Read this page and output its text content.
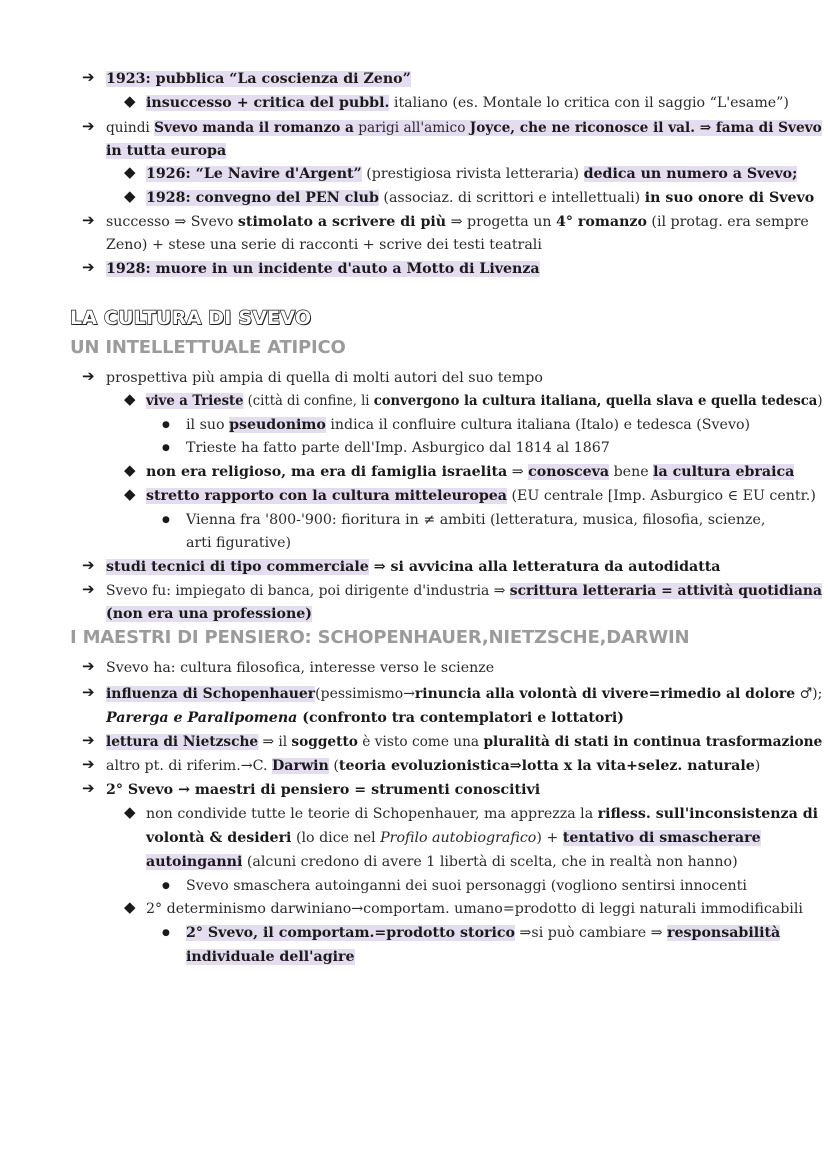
➔ 1923: pubblica “La coscienza di Zeno”
◆ insuccesso + critica del pubbl. italiano (es. Montale lo critica con il saggio “L'esame”)
➔ quindi Svevo manda il romanzo a parigi all'amico Joyce, che ne riconosce il val. ⇒ fama di Svevo
in tutta europa
◆ 1926: “Le Navire d'Argent” (prestigiosa rivista letteraria) dedica un numero a Svevo;
◆ 1928: convegno del PEN club (associaz. di scrittori e intellettuali) in suo onore di Svevo
➔ successo ⇒ Svevo stimolato a scrivere di più ⇒ progetta un 4° romanzo (il protag. era sempre
Zeno) + stese una serie di racconti + scrive dei testi teatrali
➔ 1928: muore in un incidente d'auto a Motto di Livenza
LA CULTURA DI SVEVO
UN INTELLETTUALE ATIPICO
➔ prospettiva più ampia di quella di molti autori del suo tempo
◆ vive a Trieste (città di confine, li convergono la cultura italiana, quella slava e quella tedesca)
● il suo pseudonimo indica il confluire cultura italiana (Italo) e tedesca (Svevo)
● Trieste ha fatto parte dell'Imp. Asburgico dal 1814 al 1867
◆ non era religioso, ma era di famiglia israelita ⇒ conosceva bene la cultura ebraica
◆ stretto rapporto con la cultura mitteleuropea (EU centrale [Imp. Asburgico ∈ EU centr.)
● Vienna fra '800-'900: fioritura in ≠ ambiti (letteratura, musica, filosofia, scienze,
arti figurative)
➔ studi tecnici di tipo commerciale ⇒ si avvicina alla letteratura da autodidatta
➔ Svevo fu: impiegato di banca, poi dirigente d'industria ⇒ scrittura letteraria = attività quotidiana
(non era una professione)
I MAESTRI DI PENSIERO: SCHOPENHAUER,NIETZSCHE,DARWIN
➔ Svevo ha: cultura filosofica, interesse verso le scienze
➔ influenza di Schopenhauer(pessimismo→rinuncia alla volontà di vivere=rimedio al dolore ♂);
Parerga e Paralipomena (confronto tra contemplatori e lottatori)
➔ lettura di Nietzsche ⇒ il soggetto è visto come una pluralità di stati in continua trasformazione
➔ altro pt. di riferim.→C. Darwin (teoria evoluzionistica⇒lotta x la vita+selez. naturale)
➔ 2° Svevo → maestri di pensiero = strumenti conoscitivi
◆ non condivide tutte le teorie di Schopenhauer, ma apprezza la rifless. sull'inconsistenza di
volontà & desideri (lo dice nel Profilo autobiografico) + tentativo di smascherare
autoinganni (alcuni credono di avere 1 libertà di scelta, che in realtà non hanno)
● Svevo smaschera autoinganni dei suoi personaggi (vogliono sentirsi innocenti
◆ 2° determinismo darwiniano→comportam. umano=prodotto di leggi naturali immodificabili
● 2° Svevo, il comportam.=prodotto storico ⇒si può cambiare ⇒ responsabilità
individuale dell'agire
